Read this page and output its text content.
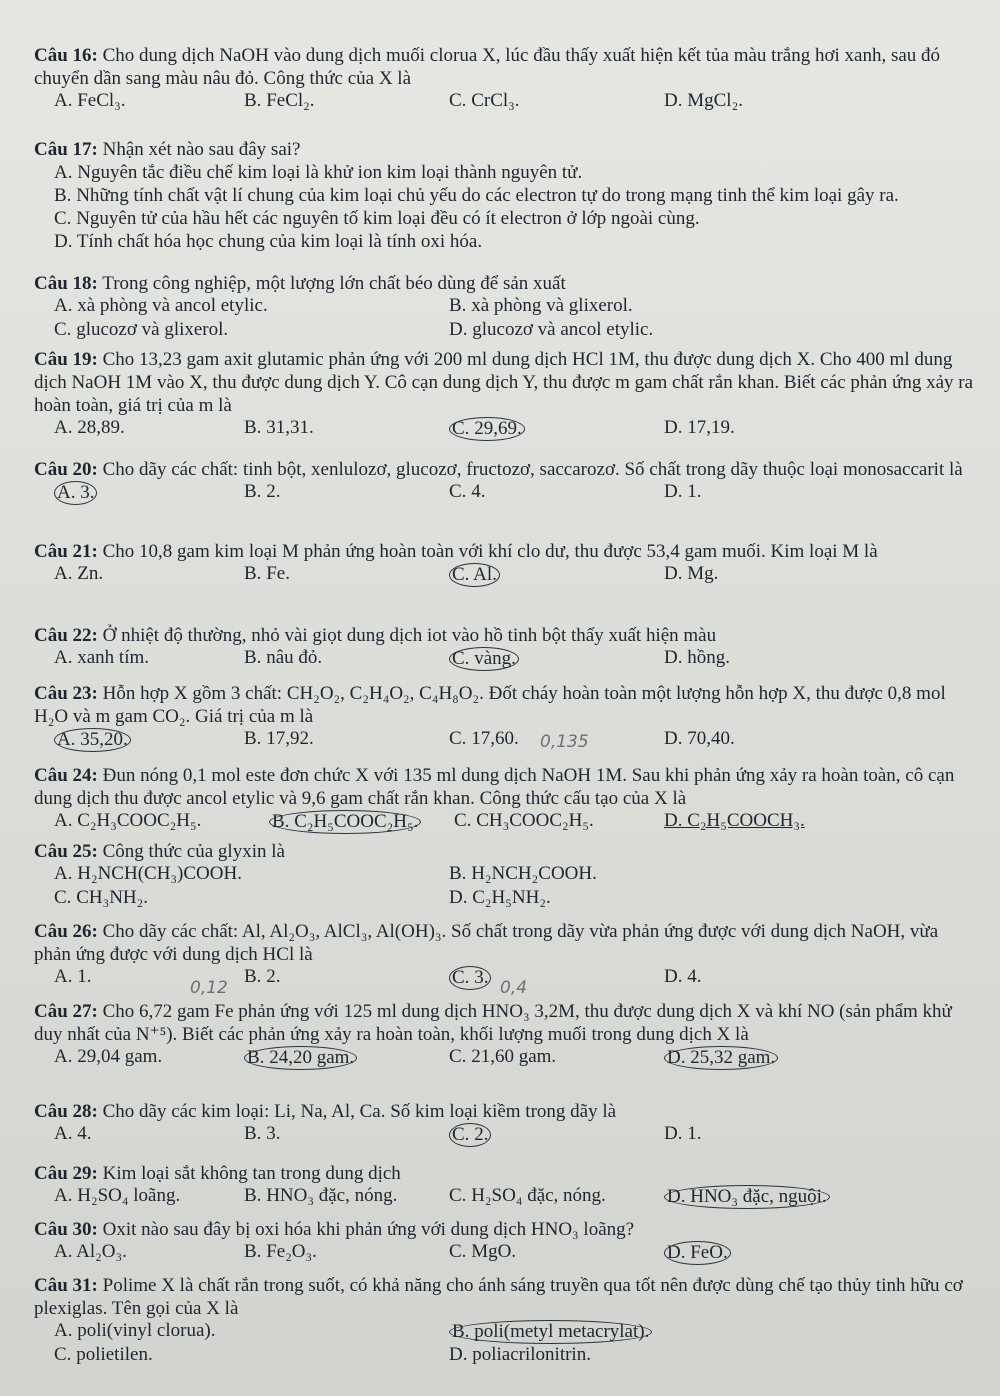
Câu 16: Cho dung dịch NaOH vào dung dịch muối clorua X, lúc đầu thấy xuất hiện kết tủa màu trắng hơi xanh, sau đó chuyển dần sang màu nâu đỏ. Công thức của X là

A. FeCl₃.	B. FeCl₂.	C. CrCl₃.	D. MgCl₂.

Câu 17: Nhận xét nào sau đây sai?

A. Nguyên tắc điều chế kim loại là khử ion kim loại thành nguyên tử.
B. Những tính chất vật lí chung của kim loại chủ yếu do các electron tự do trong mạng tinh thể kim loại gây ra.
C. Nguyên tử của hầu hết các nguyên tố kim loại đều có ít electron ở lớp ngoài cùng.
D. Tính chất hóa học chung của kim loại là tính oxi hóa.

Câu 18: Trong công nghiệp, một lượng lớn chất béo dùng để sản xuất

A. xà phòng và ancol etylic.	B. xà phòng và glixerol.
C. glucozơ và glixerol.	D. glucozơ và ancol etylic.

Câu 19: Cho 13,23 gam axit glutamic phản ứng với 200 ml dung dịch HCl 1M, thu được dung dịch X. Cho 400 ml dung dịch NaOH 1M vào X, thu được dung dịch Y. Cô cạn dung dịch Y, thu được m gam chất rắn khan. Biết các phản ứng xảy ra hoàn toàn, giá trị của m là

A. 28,89.	B. 31,31.	C. 29,69.	D. 17,19.

Câu 20: Cho dãy các chất: tinh bột, xenlulozơ, glucozơ, fructozơ, saccarozơ. Số chất trong dãy thuộc loại monosaccarit là

A. 3.	B. 2.	C. 4.	D. 1.

Câu 21: Cho 10,8 gam kim loại M phản ứng hoàn toàn với khí clo dư, thu được 53,4 gam muối. Kim loại M là

A. Zn.	B. Fe.	C. Al.	D. Mg.

Câu 22: Ở nhiệt độ thường, nhỏ vài giọt dung dịch iot vào hồ tinh bột thấy xuất hiện màu

A. xanh tím.	B. nâu đỏ.	C. vàng.	D. hồng.

Câu 23: Hỗn hợp X gồm 3 chất: CH₂O₂, C₂H₄O₂, C₄H₈O₂. Đốt cháy hoàn toàn một lượng hỗn hợp X, thu được 0,8 mol H₂O và m gam CO₂. Giá trị của m là

A. 35,20.	B. 17,92.	C. 17,60.	D. 70,40.
0,135

Câu 24: Đun nóng 0,1 mol este đơn chức X với 135 ml dung dịch NaOH 1M. Sau khi phản ứng xảy ra hoàn toàn, cô cạn dung dịch thu được ancol etylic và 9,6 gam chất rắn khan. Công thức cấu tạo của X là

A. C₂H₃COOC₂H₅.	B. C₂H₅COOC₂H₅. C. CH₃COOC₂H₅.	D. C₂H₅COOCH₃.

Câu 25: Công thức của glyxin là

A. H₂NCH(CH₃)COOH.	B. H₂NCH₂COOH.
C. CH₃NH₂.	D. C₂H₅NH₂.

Câu 26: Cho dãy các chất: Al, Al₂O₃, AlCl₃, Al(OH)₃. Số chất trong dãy vừa phản ứng được với dung dịch NaOH, vừa phản ứng được với dung dịch HCl là

A. 1.	B. 2.	C. 3.	D. 4.
0,12	0,4

Câu 27: Cho 6,72 gam Fe phản ứng với 125 ml dung dịch HNO₃ 3,2M, thu được dung dịch X và khí NO (sản phẩm khử duy nhất của N⁺⁵). Biết các phản ứng xảy ra hoàn toàn, khối lượng muối trong dung dịch X là

A. 29,04 gam.	B. 24,20 gam.	C. 21,60 gam.	D. 25,32 gam.

Câu 28: Cho dãy các kim loại: Li, Na, Al, Ca. Số kim loại kiềm trong dãy là

A. 4.	B. 3.	C. 2.	D. 1.

Câu 29: Kim loại sắt không tan trong dung dịch

A. H₂SO₄ loãng.	B. HNO₃ đặc, nóng.	C. H₂SO₄ đặc, nóng.	D. HNO₃ đặc, nguội.

Câu 30: Oxit nào sau đây bị oxi hóa khi phản ứng với dung dịch HNO₃ loãng?

A. Al₂O₃.	B. Fe₂O₃.	C. MgO.	D. FeO.

Câu 31: Polime X là chất rắn trong suốt, có khả năng cho ánh sáng truyền qua tốt nên được dùng chế tạo thủy tinh hữu cơ plexiglas. Tên gọi của X là

A. poli(vinyl clorua).	B. poli(metyl metacrylat).
C. polietilen.	D. poliacrilonitrin.
